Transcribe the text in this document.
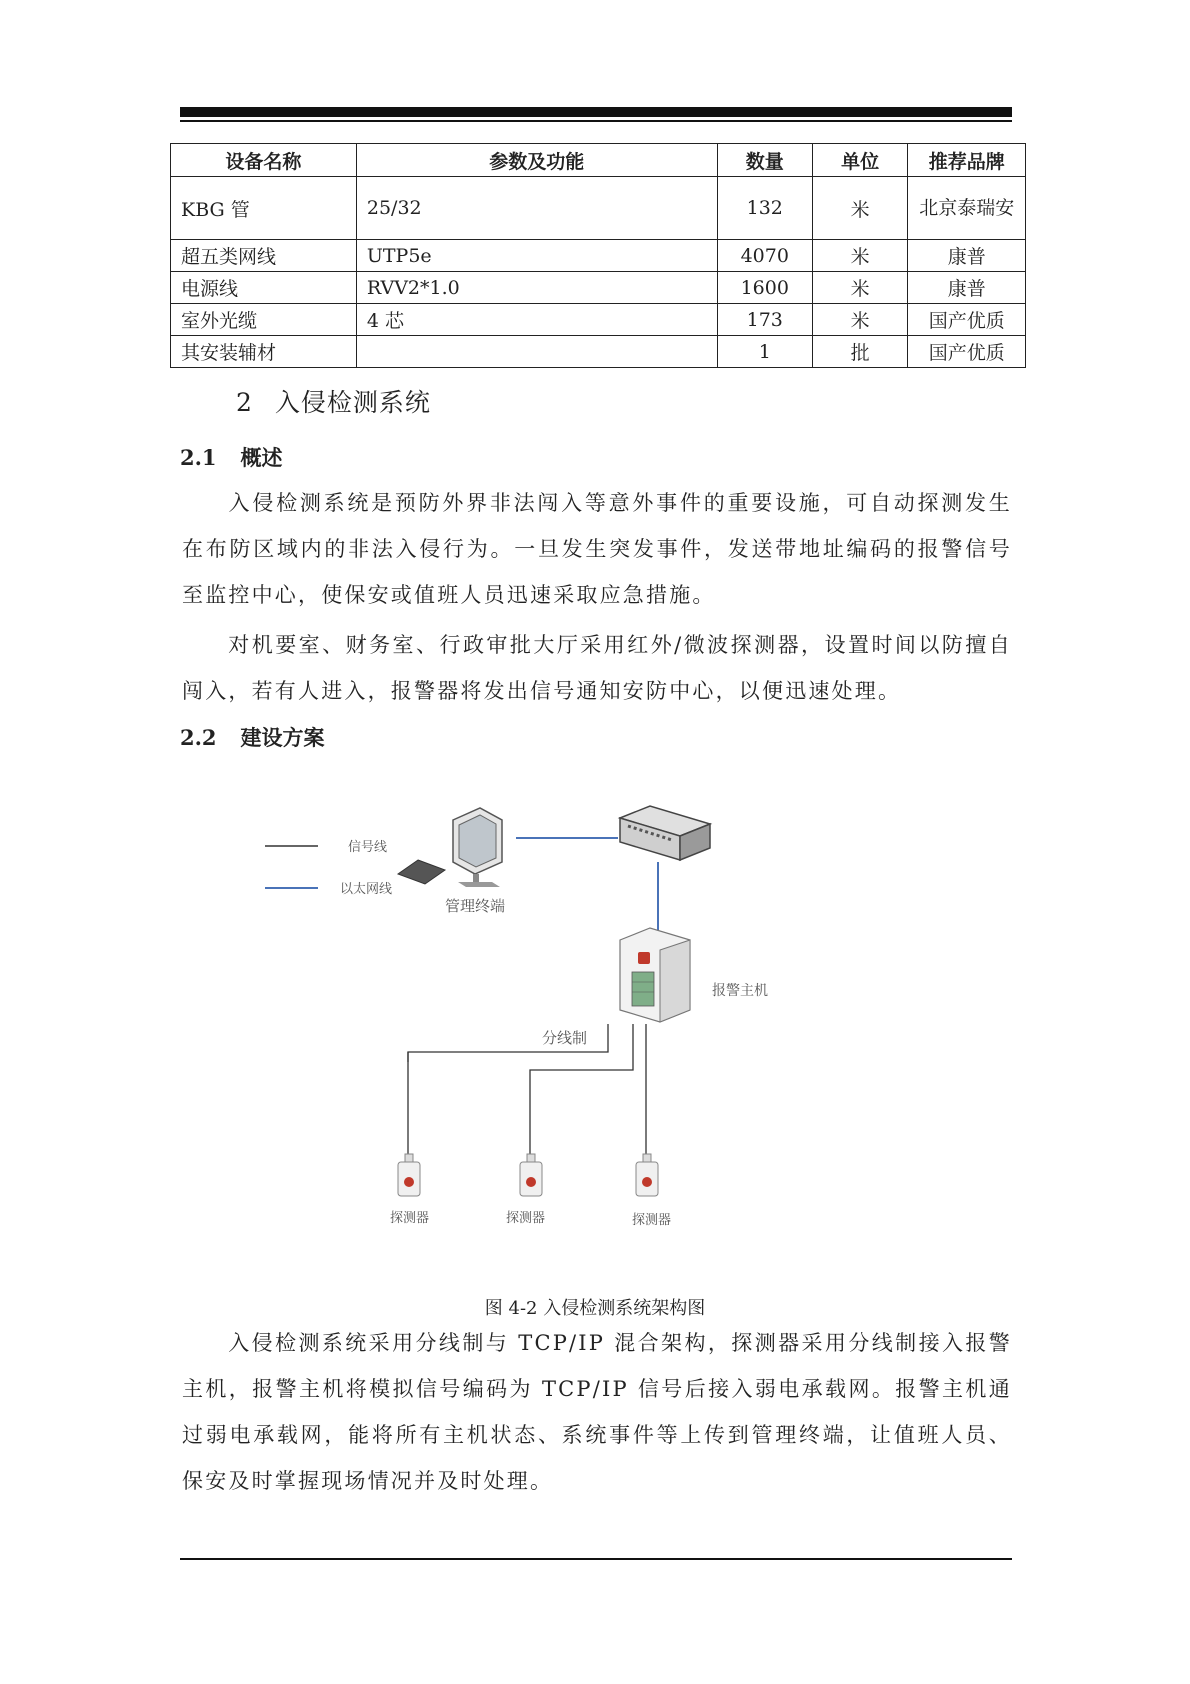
设备名称	参数及功能	数量	单位	推荐品牌
KBG 管	25/32	132	米	北京泰瑞安
超五类网线	UTP5e	4070	米	康普
电源线	RVV2*1.0	1600	米	康普
室外光缆	4 芯	173	米	国产优质
其安装辅材		1	批	国产优质
2 入侵检测系统
2.1 概述
入侵检测系统是预防外界非法闯入等意外事件的重要设施，可自动探测发生在布防区域内的非法入侵行为。一旦发生突发事件，发送带地址编码的报警信号至监控中心，使保安或值班人员迅速采取应急措施。
对机要室、财务室、行政审批大厅采用红外/微波探测器，设置时间以防擅自闯入，若有人进入，报警器将发出信号通知安防中心，以便迅速处理。
2.2 建设方案
信号线
以太网线
管理终端
报警主机
分线制
探测器	探测器	探测器
图 4-2 入侵检测系统架构图
入侵检测系统采用分线制与 TCP/IP 混合架构，探测器采用分线制接入报警主机，报警主机将模拟信号编码为 TCP/IP 信号后接入弱电承载网。报警主机通过弱电承载网，能将所有主机状态、系统事件等上传到管理终端，让值班人员、保安及时掌握现场情况并及时处理。
